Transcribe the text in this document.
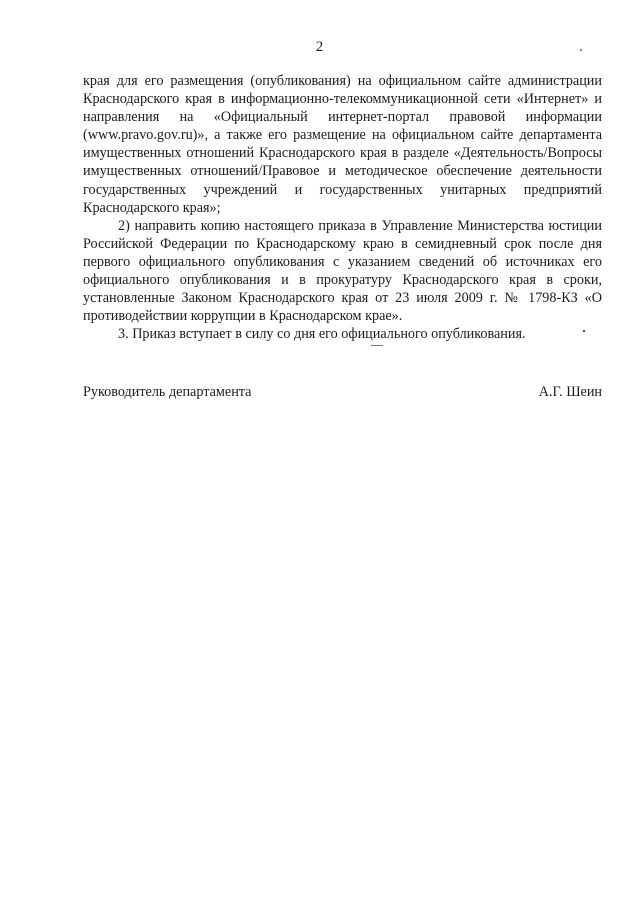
2

края для его размещения (опубликования) на официальном сайте администрации Краснодарского края в информационно-телекоммуникационной сети «Интернет» и направления на «Официальный интернет-портал правовой информации (www.pravo.gov.ru)», а также его размещение на официальном сайте департамента имущественных отношений Краснодарского края в разделе «Деятельность/Вопросы имущественных отношений/Правовое и методическое обеспечение деятельности государственных учреждений и государственных унитарных предприятий Краснодарского края»;

2) направить копию настоящего приказа в Управление Министерства юстиции Российской Федерации по Краснодарскому краю в семидневный срок после дня первого официального опубликования с указанием сведений об источниках его официального опубликования и в прокуратуру Краснодарского края в сроки, установленные Законом Краснодарского края от 23 июля 2009 г. № 1798-КЗ «О противодействии коррупции в Краснодарском крае».

3. Приказ вступает в силу со дня его официального опубликования.

Руководитель департамента	А.Г. Шеин
